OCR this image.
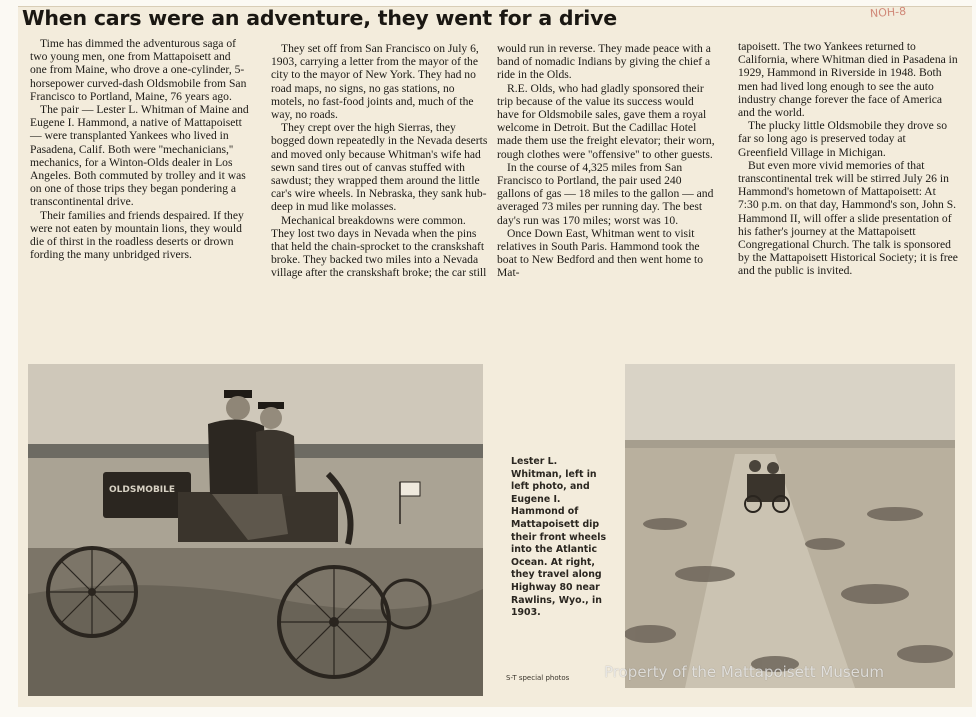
When cars were an adventure, they went for a drive	NOH-8

Time has dimmed the adventurous saga of two young men, one from Mattapoisett and one from Maine, who drove a one-cylinder, 5-horsepower curved-dash Oldsmobile from San Francisco to Portland, Maine, 76 years ago.

The pair — Lester L. Whitman of Maine and Eugene I. Hammond, a native of Mattapoisett — were transplanted Yankees who lived in Pasadena, Calif. Both were ''mechanicians,'' mechanics, for a Winton-Olds dealer in Los Angeles. Both commuted by trolley and it was on one of those trips they began pondering a transcontinental drive.

Their families and friends despaired. If they were not eaten by mountain lions, they would die of thirst in the roadless deserts or drown fording the many unbridged rivers.

They set off from San Francisco on July 6, 1903, carrying a letter from the mayor of the city to the mayor of New York. They had no road maps, no signs, no gas stations, no motels, no fast-food joints and, much of the way, no roads.

They crept over the high Sierras, they bogged down repeatedly in the Nevada deserts and moved only because Whitman's wife had sewn sand tires out of canvas stuffed with sawdust; they wrapped them around the little car's wire wheels. In Nebraska, they sank hub-deep in mud like molasses.

Mechanical breakdowns were common. They lost two days in Nevada when the pins that held the chain-sprocket to the cranskshaft broke. They backed two miles into a Nevada village after the cranskshaft broke; the car still

would run in reverse. They made peace with a band of nomadic Indians by giving the chief a ride in the Olds.

R.E. Olds, who had gladly sponsored their trip because of the value its success would have for Oldsmobile sales, gave them a royal welcome in Detroit. But the Cadillac Hotel made them use the freight elevator; their worn, rough clothes were ''offensive'' to other guests.

In the course of 4,325 miles from San Francisco to Portland, the pair used 240 gallons of gas — 18 miles to the gallon — and averaged 73 miles per running day. The best day's run was 170 miles; worst was 10.

Once Down East, Whitman went to visit relatives in South Paris. Hammond took the boat to New Bedford and then went home to Mat-

tapoisett. The two Yankees returned to California, where Whitman died in Pasadena in 1929, Hammond in Riverside in 1948. Both men had lived long enough to see the auto industry change forever the face of America and the world.

The plucky little Oldsmobile they drove so far so long ago is preserved today at Greenfield Village in Michigan.

But even more vivid memories of that transcontinental trek will be stirred July 26 in Hammond's hometown of Mattapoisett: At 7:30 p.m. on that day, Hammond's son, John S. Hammond II, will offer a slide presentation of his father's journey at the Mattapoisett Congregational Church. The talk is sponsored by the Mattapoisett Historical Society; it is free and the public is invited.

OLDSMOBILE

Lester L. Whitman, left in left photo, and Eugene I. Hammond of Mattapoisett dip their front wheels into the Atlantic Ocean. At right, they travel along Highway 80 near Rawlins, Wyo., in 1903.

S-T special photos Property of the Mattapoisett Museum
